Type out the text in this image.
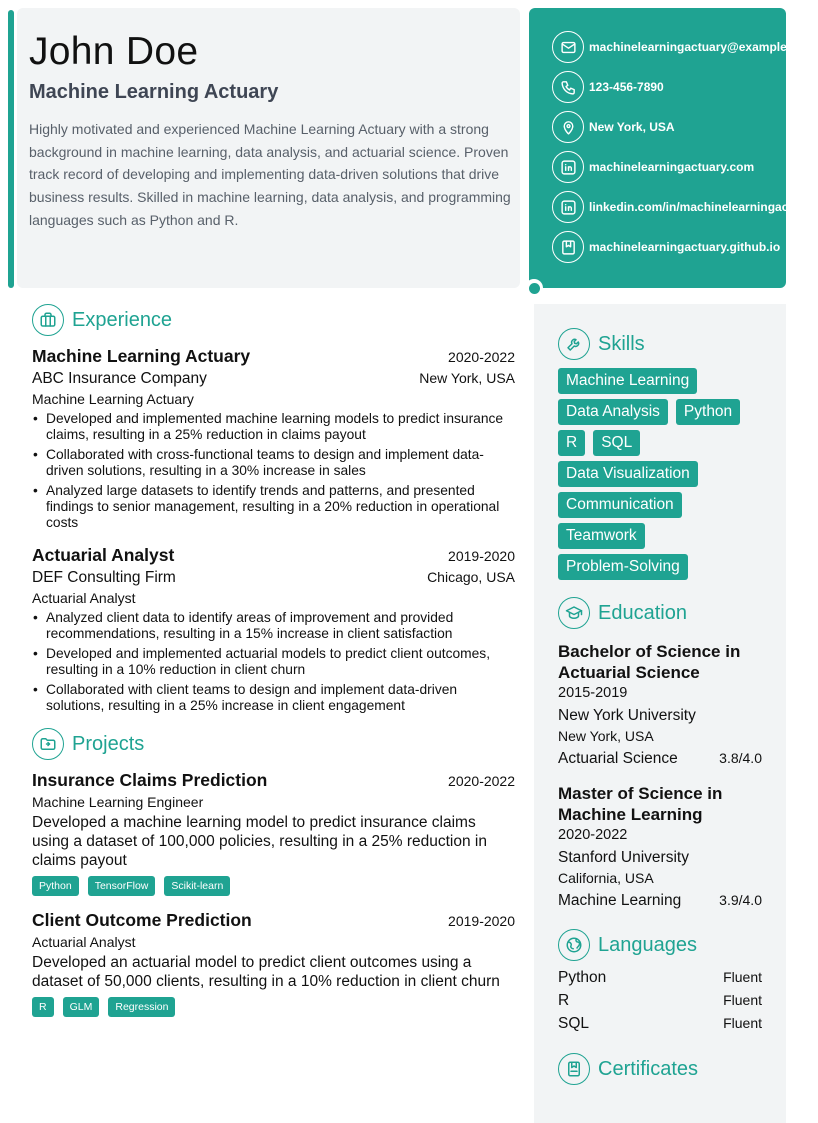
John Doe
Machine Learning Actuary
Highly motivated and experienced Machine Learning Actuary with a strong background in machine learning, data analysis, and actuarial science. Proven track record of developing and implementing data-driven solutions that drive business results. Skilled in machine learning, data analysis, and programming languages such as Python and R.
machinelearningactuary@example.com
123-456-7890
New York, USA
machinelearningactuary.com
linkedin.com/in/machinelearningactuary
machinelearningactuary.github.io
Experience
Machine Learning Actuary	2020-2022
ABC Insurance Company	New York, USA
Machine Learning Actuary
• Developed and implemented machine learning models to predict insurance claims, resulting in a 25% reduction in claims payout
• Collaborated with cross-functional teams to design and implement data-driven solutions, resulting in a 30% increase in sales
• Analyzed large datasets to identify trends and patterns, and presented findings to senior management, resulting in a 20% reduction in operational costs
Actuarial Analyst	2019-2020
DEF Consulting Firm	Chicago, USA
Actuarial Analyst
• Analyzed client data to identify areas of improvement and provided recommendations, resulting in a 15% increase in client satisfaction
• Developed and implemented actuarial models to predict client outcomes, resulting in a 10% reduction in client churn
• Collaborated with client teams to design and implement data-driven solutions, resulting in a 25% increase in client engagement
Projects
Insurance Claims Prediction	2020-2022
Machine Learning Engineer
Developed a machine learning model to predict insurance claims using a dataset of 100,000 policies, resulting in a 25% reduction in claims payout
Python	TensorFlow	Scikit-learn
Client Outcome Prediction	2019-2020
Actuarial Analyst
Developed an actuarial model to predict client outcomes using a dataset of 50,000 clients, resulting in a 10% reduction in client churn
R	GLM	Regression
Skills
Machine Learning
Data Analysis	Python
R	SQL
Data Visualization
Communication
Teamwork
Problem-Solving
Education
Bachelor of Science in Actuarial Science
2015-2019
New York University
New York, USA
Actuarial Science	3.8/4.0
Master of Science in Machine Learning
2020-2022
Stanford University
California, USA
Machine Learning	3.9/4.0
Languages
Python	Fluent
R	Fluent
SQL	Fluent
Certificates
